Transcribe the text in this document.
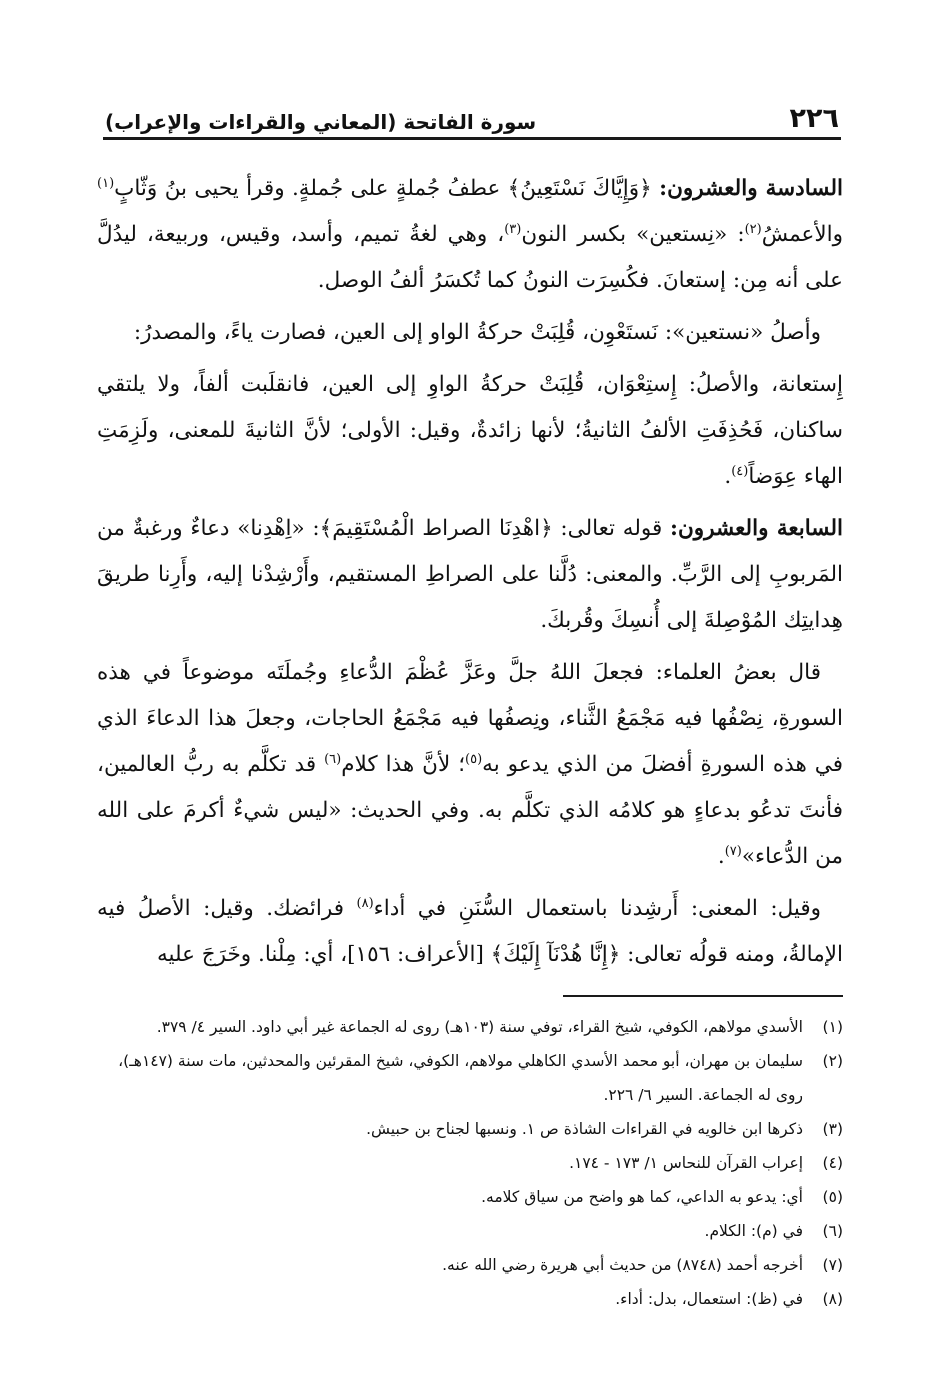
٢٢٦
سورة الفاتحة (المعاني والقراءات والإعراب)

السادسة والعشرون: ﴿وَإِيَّاكَ نَسْتَعِينُ﴾ عطفُ جُملةٍ على جُملةٍ. وقرأ يحيى بنُ وَثّابٍ$^{(١)}$ والأعمشُ$^{(٢)}$: «نِستعين» بكسر النون$^{(٣)}$، وهي لغةُ تميم، وأسد، وقيس، وربيعة، ليدُلَّ على أنه مِن: إستعانَ. فكُسِرَت النونُ كما تُكسَرُ ألفُ الوصل.

وأصلُ «نستعين»: نَستَعْوِن، قُلِبَتْ حركةُ الواو إلى العين، فصارت ياءً، والمصدرُ:

إِستعانة، والأصلُ: إِستِعْوَان، قُلِبَتْ حركةُ الواوِ إلى العين، فانقلَبت ألفاً، ولا يلتقي ساكنان، فَحُذِفَتِ الألفُ الثانيةُ؛ لأنها زائدةٌ، وقيل: الأولى؛ لأنَّ الثانيةَ للمعنى، ولَزِمَتِ الهاء عِوَضاً$^{(٤)}$.

السابعة والعشرون: قوله تعالى: ﴿اهْدِنَا الصراط الْمُسْتَقِيمَ﴾: «اِهْدِنا» دعاءٌ ورغبةٌ من المَربوبِ إلى الرَّبِّ. والمعنى: دُلَّنا على الصراطِ المستقيم، وأَرْشِدْنا إليه، وأَرِنا طريقَ هِدايتِك المُوْصِلةَ إلى أُنسِكَ وقُربكَ.

قال بعضُ العلماء: فجعلَ اللهُ جلَّ وعَزَّ عُظْمَ الدُّعاءِ وجُملَتَه موضوعاً في هذه السورةِ، نِصْفُها فيه مَجْمَعُ الثَّناء، ونِصفُها فيه مَجْمَعُ الحاجات، وجعلَ هذا الدعاءَ الذي في هذه السورةِ أفضلَ من الذي يدعو به$^{(٥)}$؛ لأنَّ هذا كلام$^{(٦)}$ قد تكلَّم به ربُّ العالمين، فأنتَ تدعُو بدعاءٍ هو كلامُه الذي تكلَّم به. وفي الحديث: «ليس شيءٌ أكرمَ على الله من الدُّعاء»$^{(٧)}$.

وقيل: المعنى: أَرشِدنا باستعمال السُّنَنِ في أداء$^{(٨)}$ فرائضك. وقيل: الأصلُ فيه الإمالةُ، ومنه قولُه تعالى: ﴿إِنَّا هُدْنَآ إِلَيْكَ﴾ [الأعراف: ١٥٦]، أي: مِلْنا. وخَرَجَ عليه

(١)
الأسدي مولاهم، الكوفي، شيخ القراء، توفي سنة (١٠٣هـ) روى له الجماعة غير أبي داود. السير ٤/ ٣٧٩.
(٢)
سليمان بن مهران، أبو محمد الأسدي الكاهلي مولاهم، الكوفي، شيخ المقرئين والمحدثين، مات سنة (١٤٧هـ)، روى له الجماعة. السير ٦/ ٢٢٦.
(٣)
ذكرها ابن خالويه في القراءات الشاذة ص ١. ونسبها لجناح بن حبيش.
(٤)
إعراب القرآن للنحاس ١/ ١٧٣ - ١٧٤.
(٥)
أي: يدعو به الداعي، كما هو واضح من سياق كلامه.
(٦)
في (م): الكلام.
(٧)
أخرجه أحمد (٨٧٤٨) من حديث أبي هريرة رضي الله عنه.
(٨)
في (ظ): استعمال، بدل: أداء.
